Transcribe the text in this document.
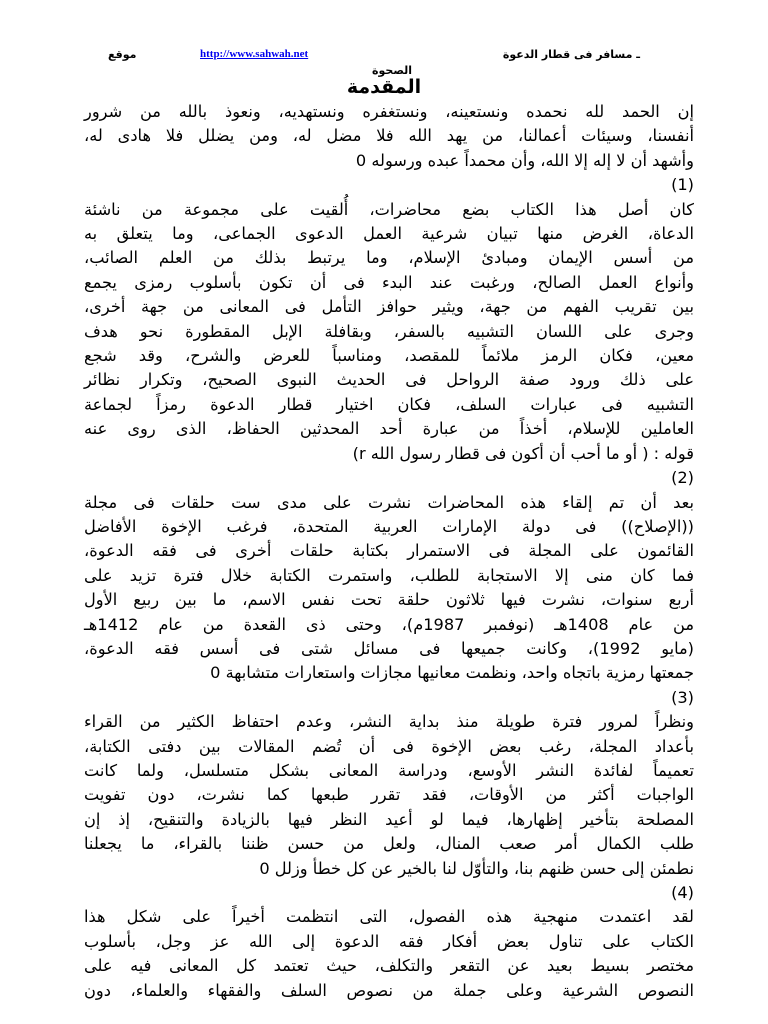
ـ مسافر فى قطار الدعوة
http://www.sahwah.net
موقع
الصحوة
المقدمة
إن الحمد لله نحمده ونستعينه، ونستغفره ونستهديه، ونعوذ بالله من شرور
أنفسنا، وسيئات أعمالنا، من يهد الله فلا مضل له، ومن يضلل فلا هادى له،
وأشهد أن لا إله إلا الله، وأن محمداً عبده ورسوله 0
(1)
كان أصل هذا الكتاب بضع محاضرات، أُلقيت على مجموعة من ناشئة
الدعاة، الغرض منها تبيان شرعية العمل الدعوى الجماعى، وما يتعلق به
من أسس الإيمان ومبادئ الإسلام، وما يرتبط بذلك من العلم الصائب،
وأنواع العمل الصالح، ورغبت عند البدء فى أن تكون بأسلوب رمزى يجمع
بين تقريب الفهم من جهة، ويثير حوافز التأمل فى المعانى من جهة أخرى،
وجرى على اللسان التشبيه بالسفر، وبقافلة الإبل المقطورة نحو هدف
معين، فكان الرمز ملائماً للمقصد، ومناسباً للعرض والشرح، وقد شجع
على ذلك ورود صفة الرواحل فى الحديث النبوى الصحيح، وتكرار نظائر
التشبيه فى عبارات السلف، فكان اختيار قطار الدعوة رمزاً لجماعة
العاملين للإسلام، أخذاً من عبارة أحد المحدثين الحفاظ، الذى روى عنه
قوله : ( أو ما أحب أن أكون فى قطار رسول الله r)
(2)
بعد أن تم إلقاء هذه المحاضرات نشرت على مدى ست حلقات فى مجلة
((الإصلاح)) فى دولة الإمارات العربية المتحدة، فرغب الإخوة الأفاضل
القائمون على المجلة فى الاستمرار بكتابة حلقات أخرى فى فقه الدعوة،
فما كان منى إلا الاستجابة للطلب، واستمرت الكتابة خلال فترة تزيد على
أربع سنوات، نشرت فيها ثلاثون حلقة تحت نفس الاسم، ما بين ربيع الأول
من عام 1408هـ (نوفمبر 1987م)، وحتى ذى القعدة من عام 1412هـ
(مايو 1992)، وكانت جميعها فى مسائل شتى فى أسس فقه الدعوة،
جمعتها رمزية باتجاه واحد، ونظمت معانيها مجازات واستعارات متشابهة 0
(3)
ونظراً لمرور فترة طويلة منذ بداية النشر، وعدم احتفاظ الكثير من القراء
بأعداد المجلة، رغب بعض الإخوة فى أن تُضم المقالات بين دفتى الكتابة،
تعميماً لفائدة النشر الأوسع، ودراسة المعانى بشكل متسلسل، ولما كانت
الواجبات أكثر من الأوقات، فقد تقرر طبعها كما نشرت، دون تفويت
المصلحة بتأخير إظهارها، فيما لو أعيد النظر فيها بالزيادة والتنقيح، إذ إن
طلب الكمال أمر صعب المنال، ولعل من حسن ظننا بالقراء، ما يجعلنا
نطمئن إلى حسن ظنهم بنا، والتأوّل لنا بالخير عن كل خطأ وزلل 0
(4)
لقد اعتمدت منهجية هذه الفصول، التى انتظمت أخيراً على شكل هذا
الكتاب على تناول بعض أفكار فقه الدعوة إلى الله عز وجل، بأسلوب
مختصر بسيط بعيد عن التقعر والتكلف، حيث تعتمد كل المعانى فيه على
النصوص الشرعية وعلى جملة من نصوص السلف والفقهاء والعلماء، دون
